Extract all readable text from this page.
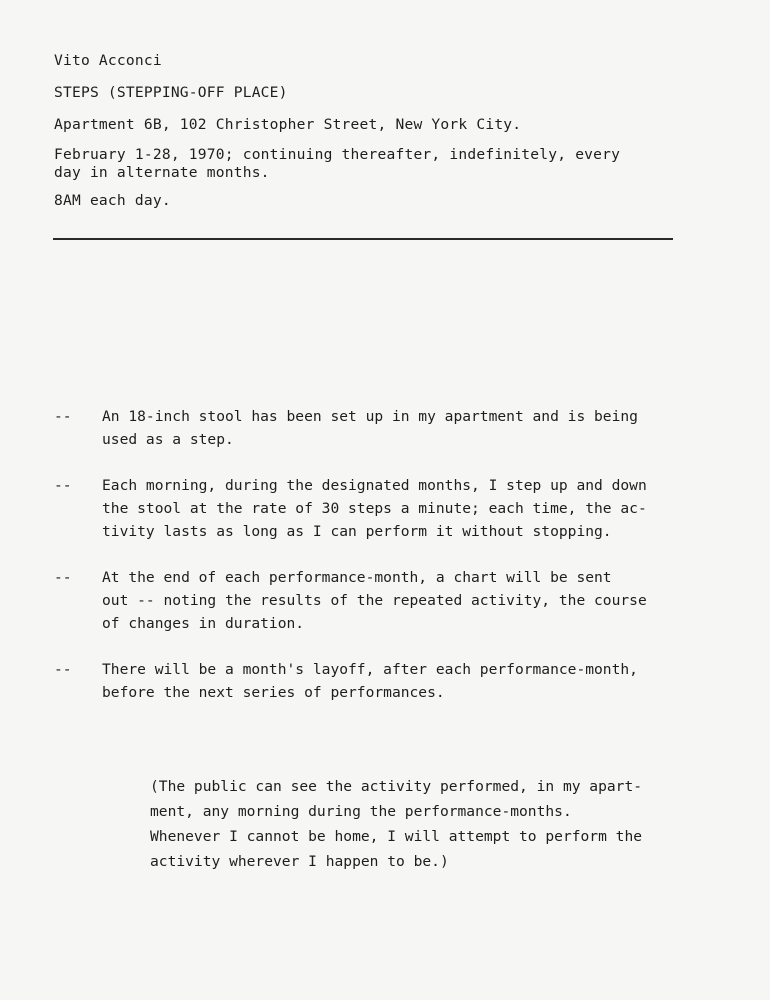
Vito Acconci
STEPS (STEPPING-OFF PLACE)
Apartment 6B, 102 Christopher Street, New York City.
February 1-28, 1970; continuing thereafter, indefinitely, every
day in alternate months.
8AM each day.
-- An 18-inch stool has been set up in my apartment and is being
used as a step.
-- Each morning, during the designated months, I step up and down
the stool at the rate of 30 steps a minute; each time, the ac-
tivity lasts as long as I can perform it without stopping.
-- At the end of each performance-month, a chart will be sent
out -- noting the results of the repeated activity, the course
of changes in duration.
-- There will be a month's layoff, after each performance-month,
before the next series of performances.
(The public can see the activity performed, in my apart-
ment, any morning during the performance-months.
Whenever I cannot be home, I will attempt to perform the
activity wherever I happen to be.)
